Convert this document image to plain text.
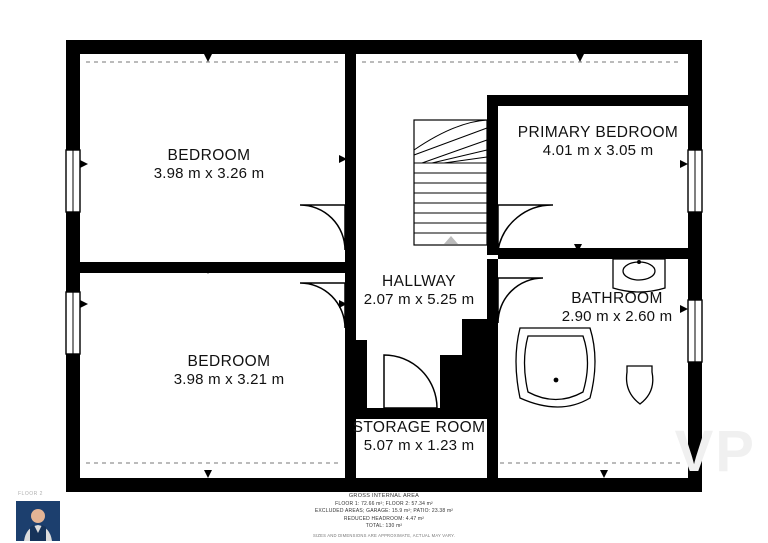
BEDROOM
3.98 m x 3.26 m
BEDROOM
3.98 m x 3.21 m
PRIMARY BEDROOM
4.01 m x 3.05 m
HALLWAY
2.07 m x 5.25 m	BATHROOM
2.90 m x 2.60 m
STORAGE ROOM
5.07 m x 1.23 m	VP
FLOOR 2	GROSS INTERNAL AREA
FLOOR 1: 72.66 m²; FLOOR 2: 57.34 m²
EXCLUDED AREAS; GARAGE: 15.9 m²; PATIO: 23.38 m²
REDUCED HEADROOM: 4.47 m²
TOTAL: 130 m²
SIZES AND DIMENSIONS ARE APPROXIMATE, ACTUAL MAY VARY.
